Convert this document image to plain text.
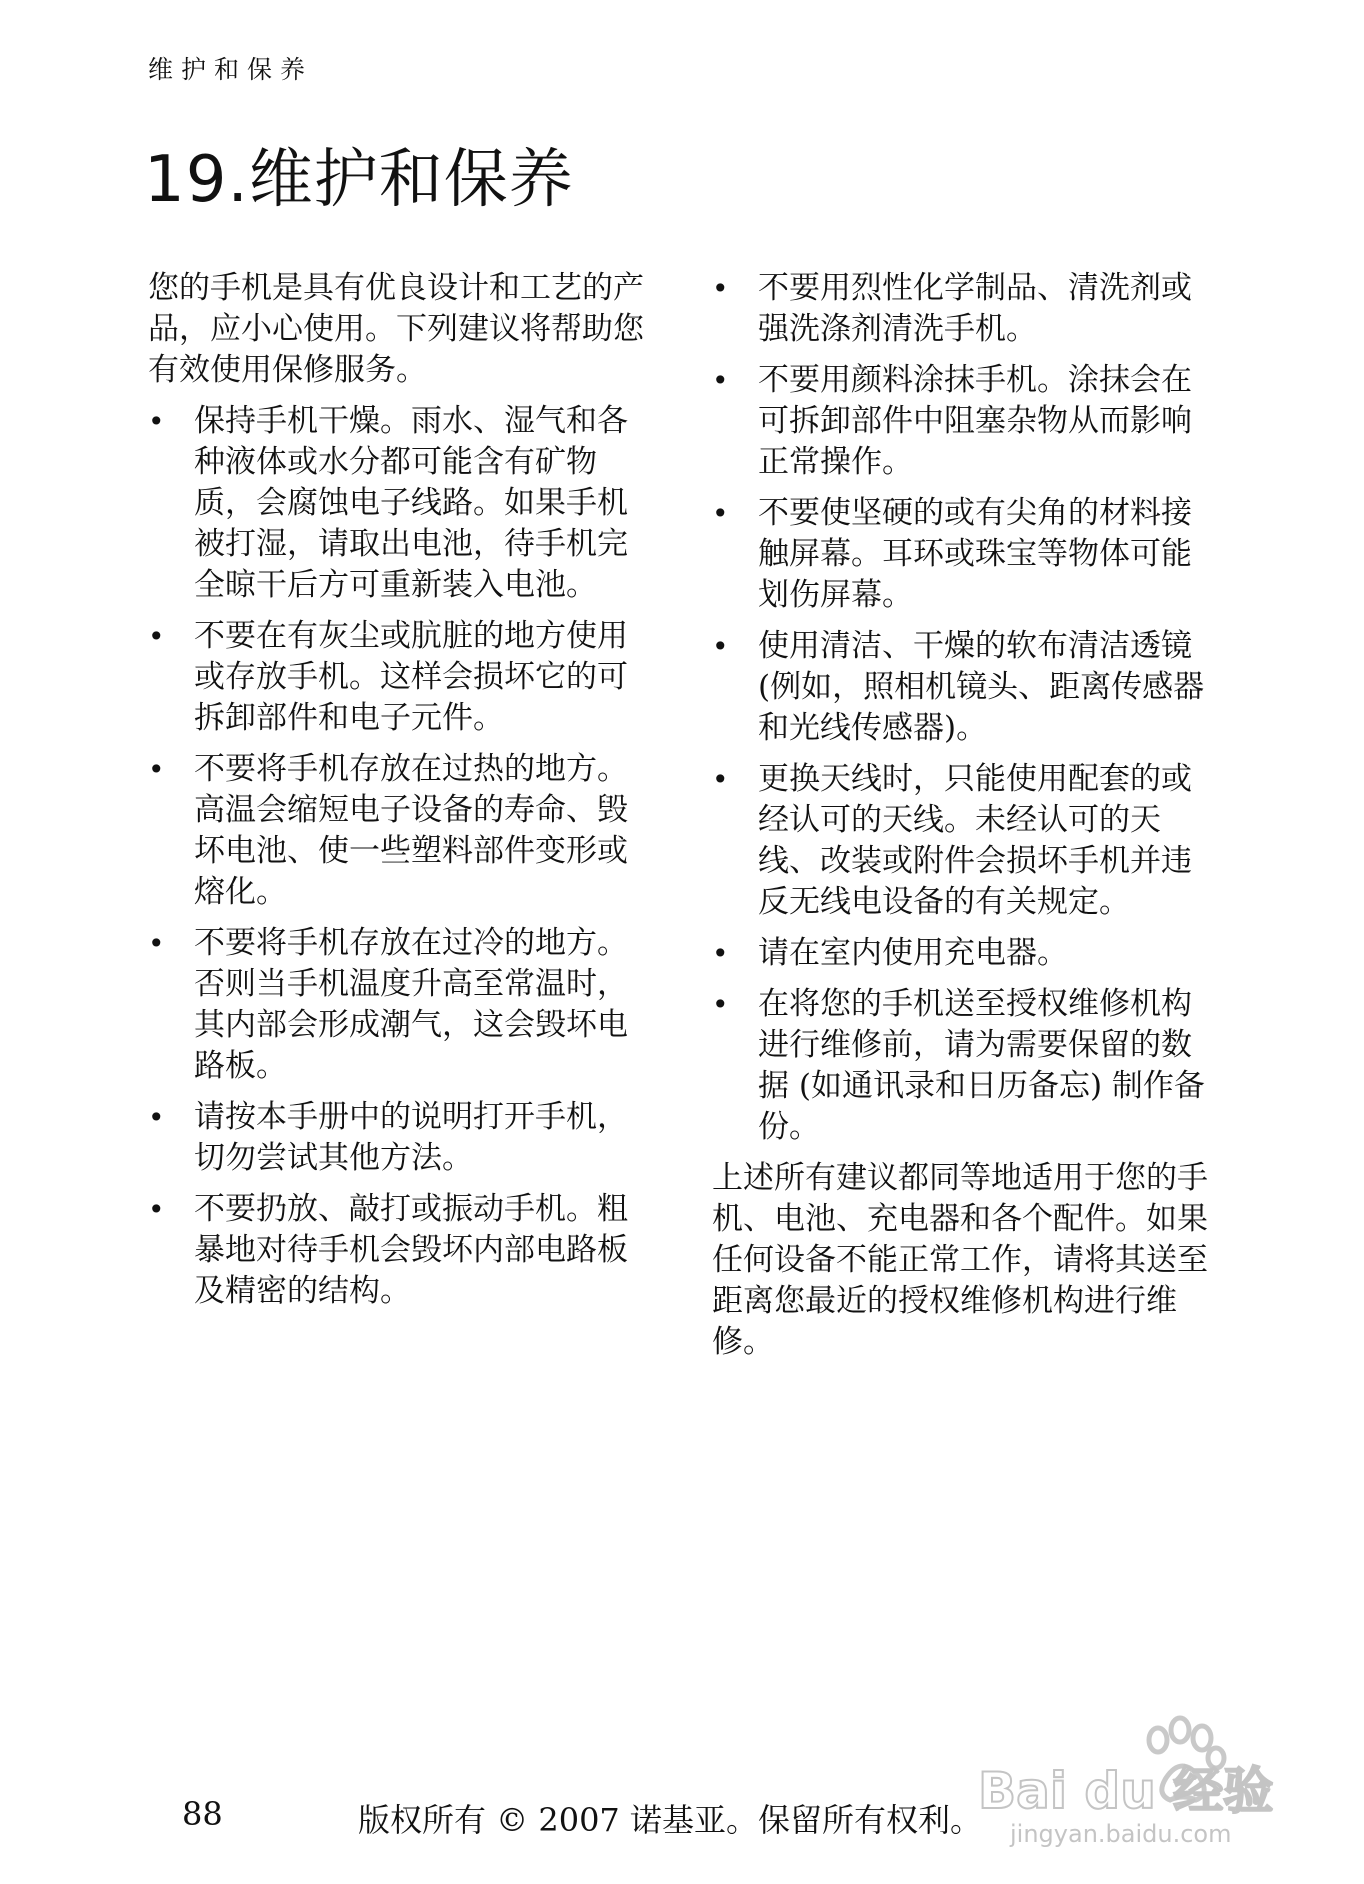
维护和保养
19.维护和保养

您的手机是具有优良设计和工艺的产品，应小心使用。下列建议将帮助您有效使用保修服务。

• 保持手机干燥。雨水、湿气和各种液体或水分都可能含有矿物质，会腐蚀电子线路。如果手机被打湿，请取出电池，待手机完全晾干后方可重新装入电池。
• 不要在有灰尘或肮脏的地方使用或存放手机。这样会损坏它的可拆卸部件和电子元件。
• 不要将手机存放在过热的地方。高温会缩短电子设备的寿命、毁坏电池、使一些塑料部件变形或熔化。
• 不要将手机存放在过冷的地方。否则当手机温度升高至常温时，其内部会形成潮气，这会毁坏电路板。
• 请按本手册中的说明打开手机，切勿尝试其他方法。
• 不要扔放、敲打或振动手机。粗暴地对待手机会毁坏内部电路板及精密的结构。
• 不要用烈性化学制品、清洗剂或强洗涤剂清洗手机。
• 不要用颜料涂抹手机。涂抹会在可拆卸部件中阻塞杂物从而影响正常操作。
• 不要使坚硬的或有尖角的材料接触屏幕。耳环或珠宝等物体可能划伤屏幕。
• 使用清洁、干燥的软布清洁透镜 (例如，照相机镜头、距离传感器和光线传感器)。
• 更换天线时，只能使用配套的或经认可的天线。未经认可的天线、改装或附件会损坏手机并违反无线电设备的有关规定。
• 请在室内使用充电器。
• 在将您的手机送至授权维修机构进行维修前，请为需要保留的数据 (如通讯录和日历备忘) 制作备份。

上述所有建议都同等地适用于您的手机、电池、充电器和各个配件。如果任何设备不能正常工作，请将其送至距离您最近的授权维修机构进行维修。

88	版权所有 © 2007 诺基亚。保留所有权利。
Bai du 经验
jingyan.baidu.com
